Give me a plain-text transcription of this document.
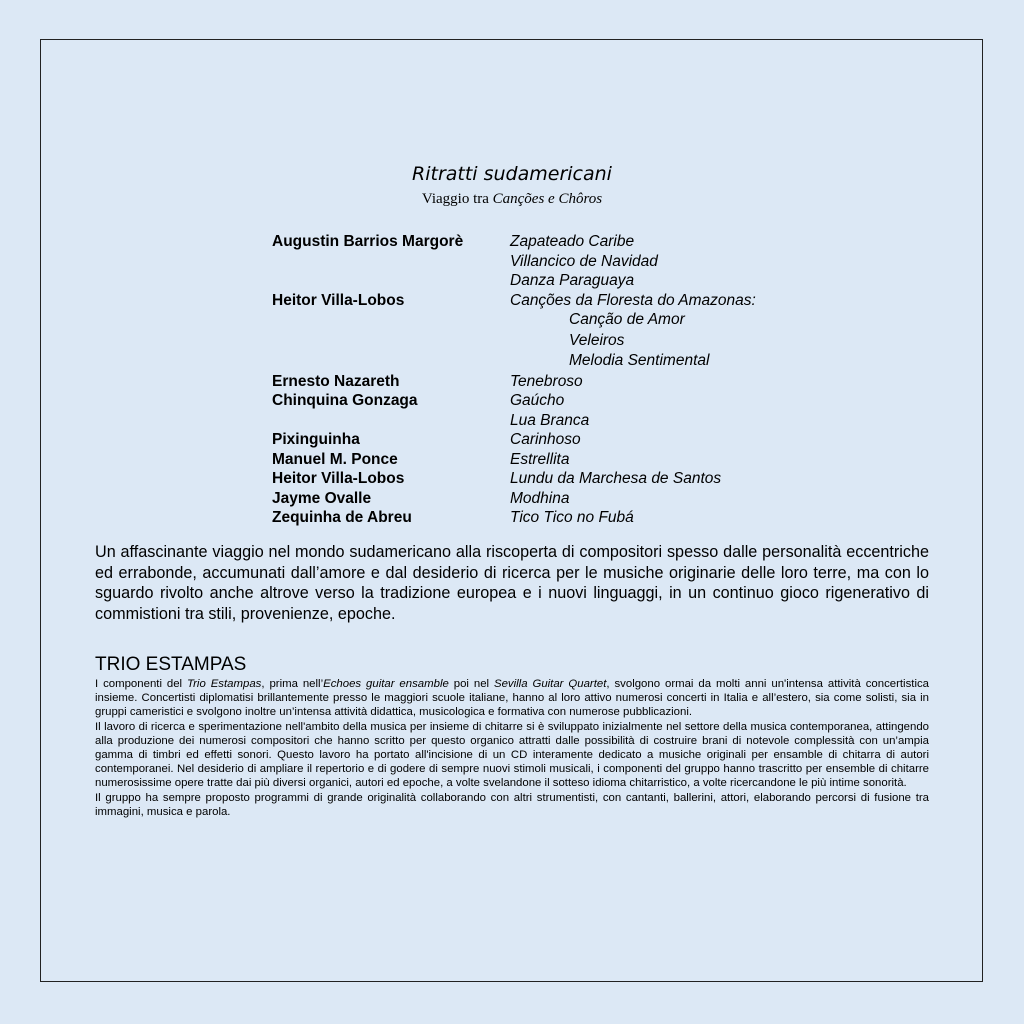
Ritratti sudamericani
Viaggio tra Canções e Chôros
Augustin Barrios Margorè	Zapateado Caribe
Villancico de Navidad
Danza Paraguaya
Heitor Villa-Lobos	Canções da Floresta do Amazonas:
Canção de Amor
Veleiros
Melodia Sentimental
Ernesto Nazareth	Tenebroso
Chinquina Gonzaga	Gaúcho
Lua Branca
Pixinguinha	Carinhoso
Manuel M. Ponce	Estrellita
Heitor Villa-Lobos	Lundu da Marchesa de Santos
Jayme Ovalle	Modhina
Zequinha de Abreu	Tico Tico no Fubá
Un affascinante viaggio nel mondo sudamericano alla riscoperta di compositori spesso dalle personalità eccentriche ed errabonde, accumunati dall’amore e dal desiderio di ricerca per le musiche originarie delle loro terre, ma con lo sguardo rivolto anche altrove verso la tradizione europea e i nuovi linguaggi, in un continuo gioco rigenerativo di commistioni tra stili, provenienze, epoche.
TRIO ESTAMPAS

I componenti del Trio Estampas, prima nell’Echoes guitar ensamble poi nel Sevilla Guitar Quartet, svolgono ormai da molti anni un'intensa attività concertistica insieme. Concertisti diplomatisi brillantemente presso le maggiori scuole italiane, hanno al loro attivo numerosi concerti in Italia e all’estero, sia come solisti, sia in gruppi cameristici e svolgono inoltre un’intensa attività didattica, musicologica e formativa con numerose pubblicazioni.

Il lavoro di ricerca e sperimentazione nell'ambito della musica per insieme di chitarre si è sviluppato inizialmente nel settore della musica contemporanea, attingendo alla produzione dei numerosi compositori che hanno scritto per questo organico attratti dalle possibilità di costruire brani di notevole complessità con un’ampia gamma di timbri ed effetti sonori. Questo lavoro ha portato all'incisione di un CD interamente dedicato a musiche originali per ensamble di chitarra di autori contemporanei. Nel desiderio di ampliare il repertorio e di godere di sempre nuovi stimoli musicali, i componenti del gruppo hanno trascritto per ensemble di chitarre numerosissime opere tratte dai più diversi organici, autori ed epoche, a volte svelandone il sotteso idioma chitarristico, a volte ricercandone le più intime sonorità.

Il gruppo ha sempre proposto programmi di grande originalità collaborando con altri strumentisti, con cantanti, ballerini, attori, elaborando percorsi di fusione tra immagini, musica e parola.
